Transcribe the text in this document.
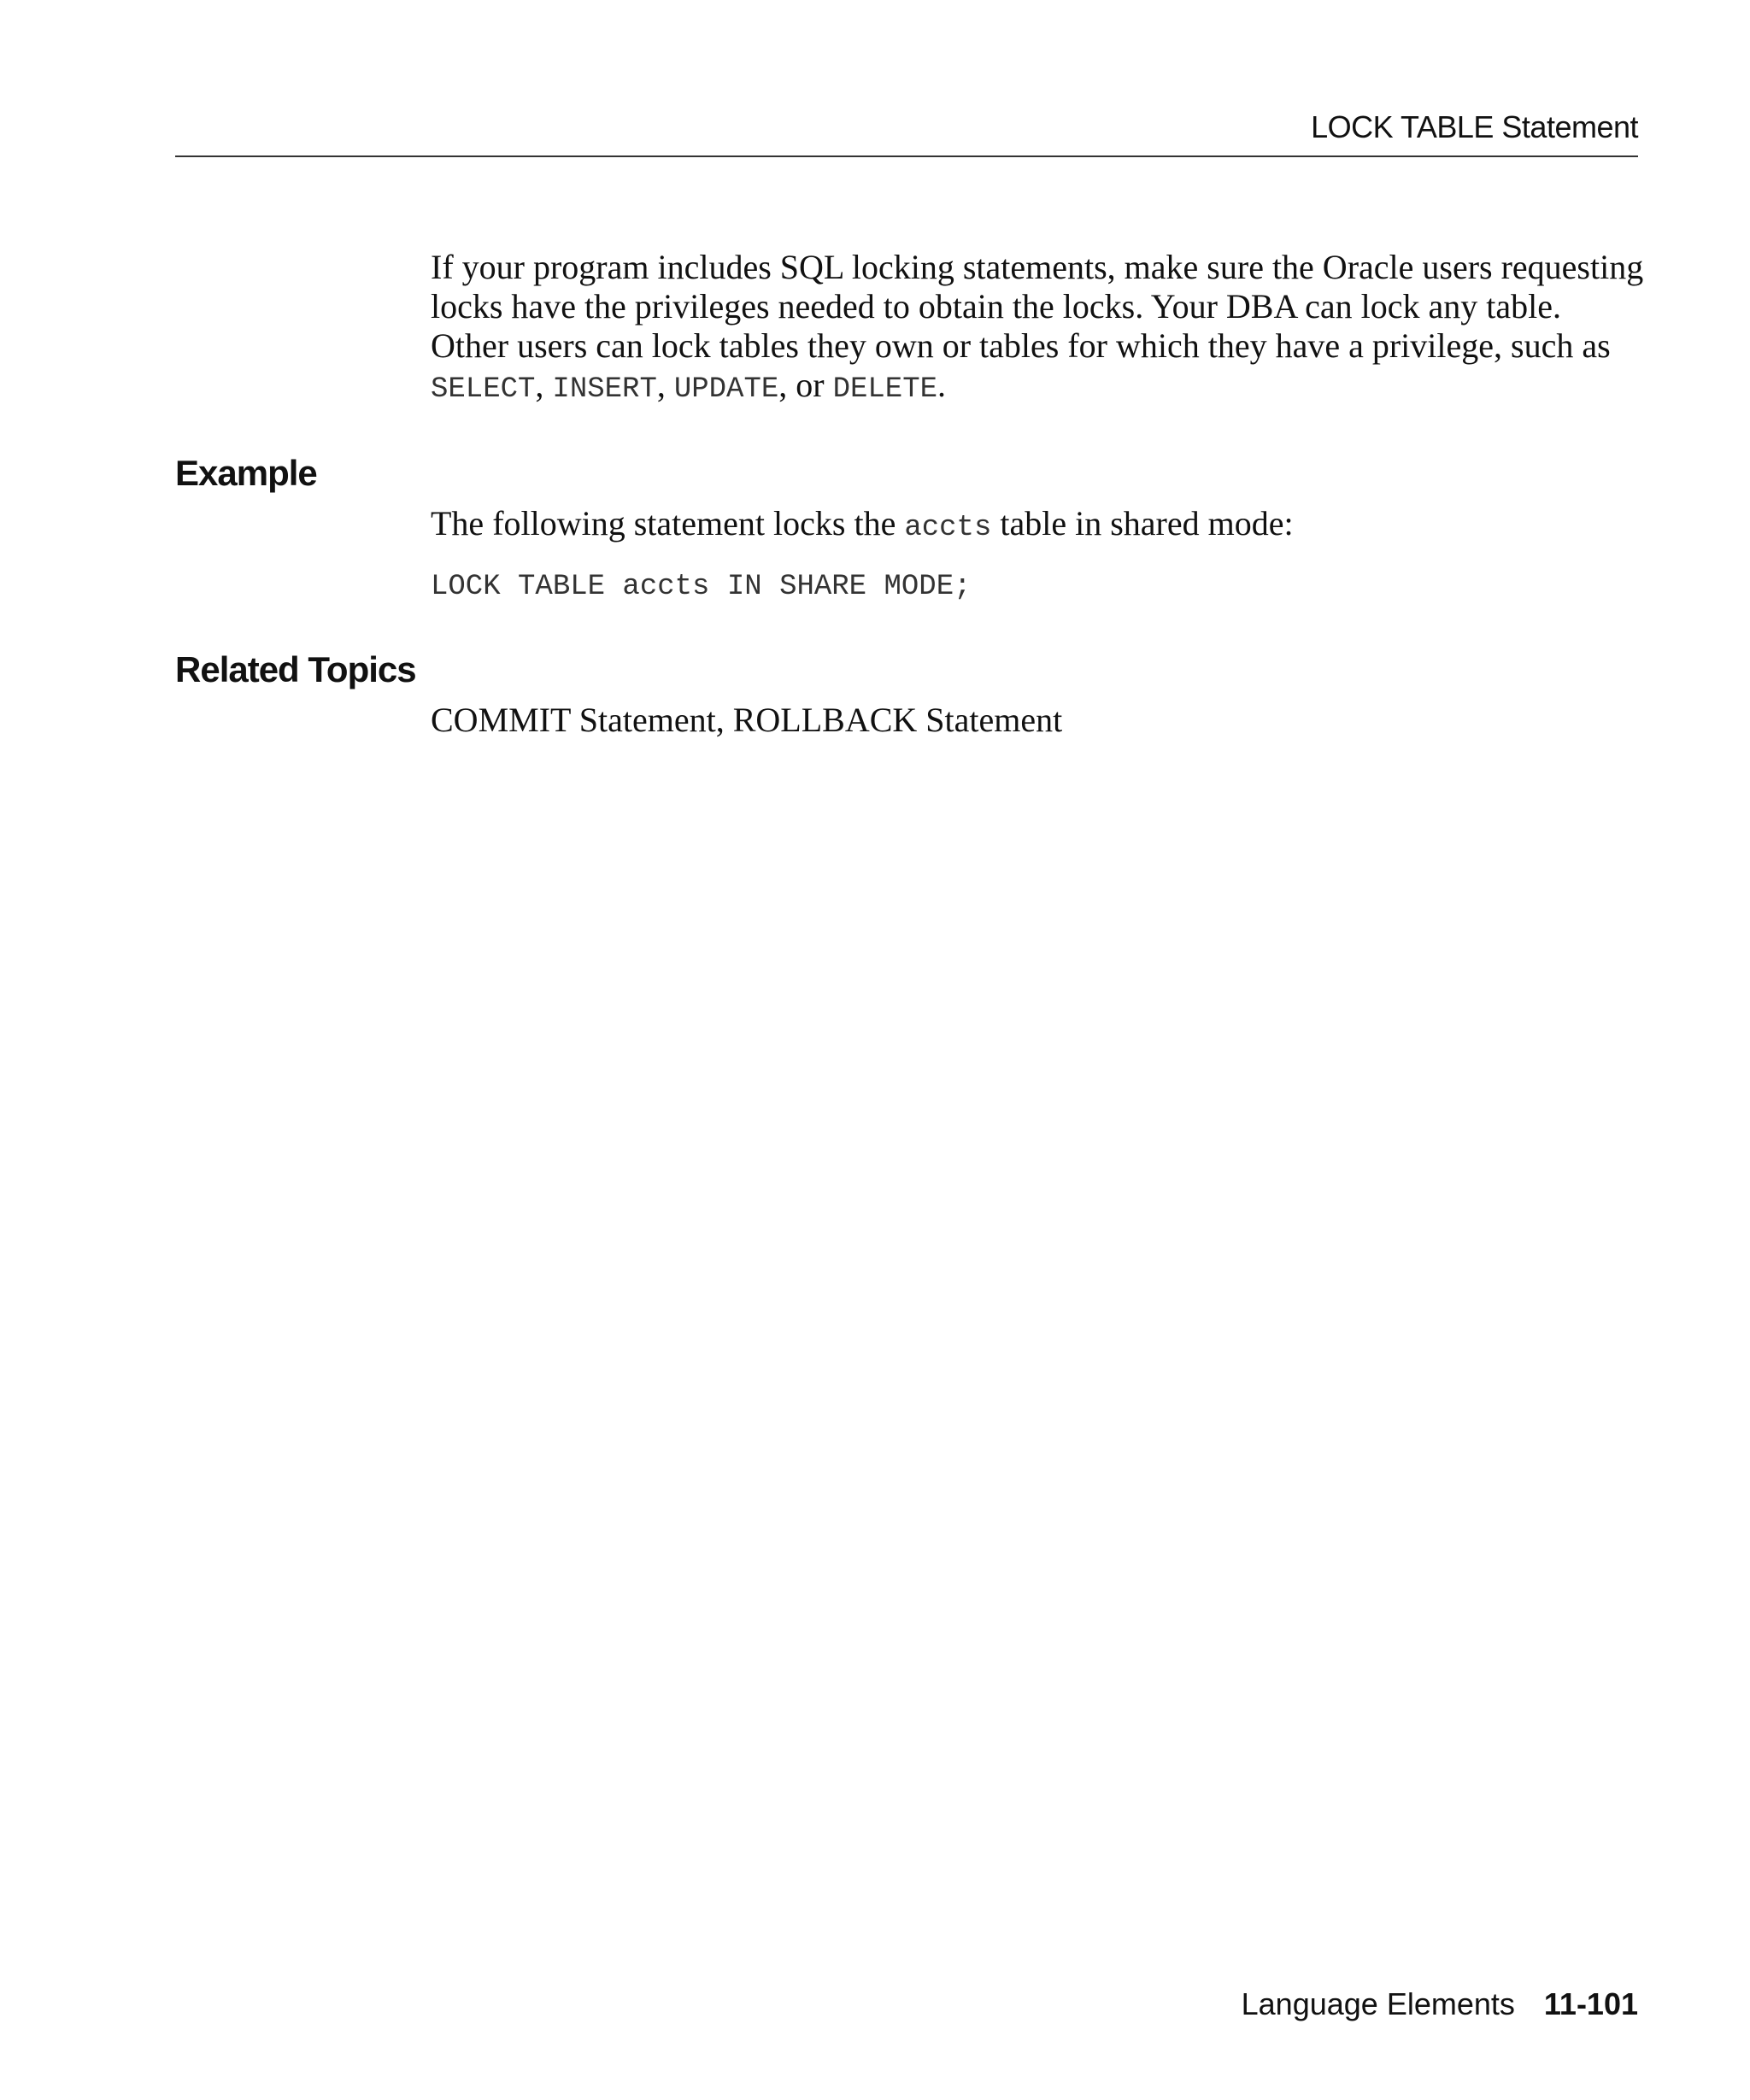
LOCK TABLE Statement

If your program includes SQL locking statements, make sure the Oracle users requesting locks have the privileges needed to obtain the locks. Your DBA can lock any table. Other users can lock tables they own or tables for which they have a privilege, such as SELECT, INSERT, UPDATE, or DELETE.

Example

The following statement locks the accts table in shared mode:

LOCK TABLE accts IN SHARE MODE;
Related Topics

COMMIT Statement, ROLLBACK Statement

Language Elements 11-101
